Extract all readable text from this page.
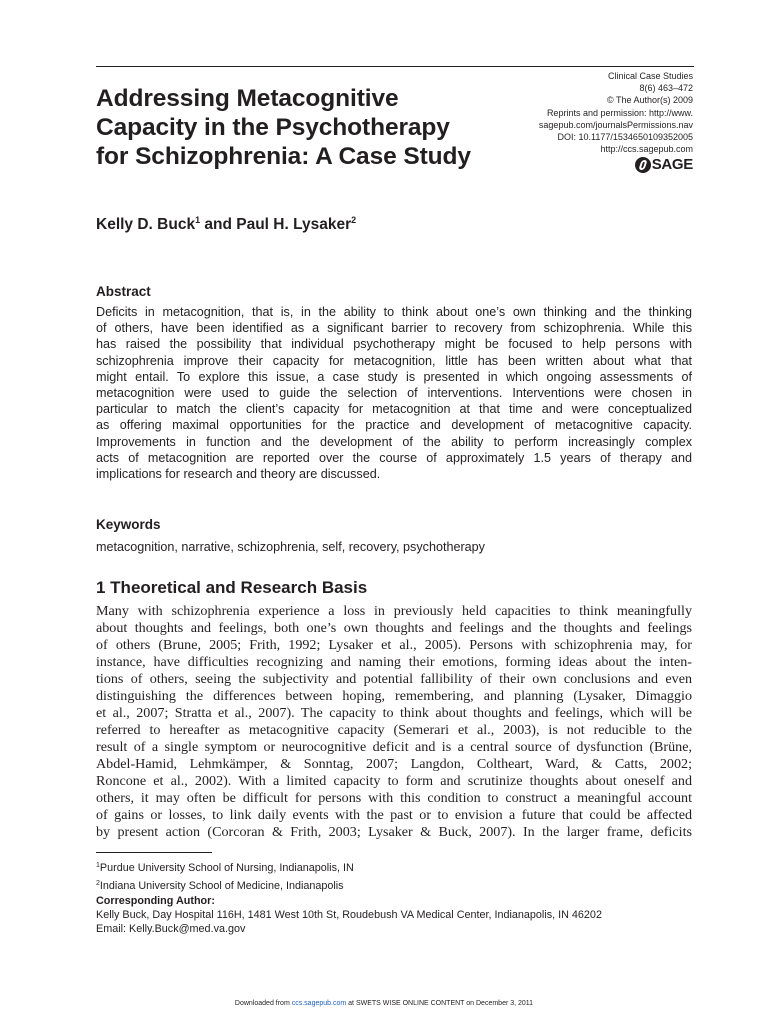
Addressing Metacognitive
Capacity in the Psychotherapy
for Schizophrenia: A Case Study
Clinical Case Studies
8(6) 463–472
© The Author(s) 2009
Reprints and permission: http://www.
sagepub.com/journalsPermissions.nav
DOI: 10.1177/1534650109352005
http://ccs.sagepub.com
SAGE
Kelly D. Buck$^1$ and Paul H. Lysaker$^2$
Abstract
Deficits in metacognition, that is, in the ability to think about one’s own thinking and the thinking
of others, have been identified as a significant barrier to recovery from schizophrenia. While this
has raised the possibility that individual psychotherapy might be focused to help persons with
schizophrenia improve their capacity for metacognition, little has been written about what that
might entail. To explore this issue, a case study is presented in which ongoing assessments of
metacognition were used to guide the selection of interventions. Interventions were chosen in
particular to match the client’s capacity for metacognition at that time and were conceptualized
as offering maximal opportunities for the practice and development of metacognitive capacity.
Improvements in function and the development of the ability to perform increasingly complex
acts of metacognition are reported over the course of approximately 1.5 years of therapy and
implications for research and theory are discussed.
Keywords
metacognition, narrative, schizophrenia, self, recovery, psychotherapy
1 Theoretical and Research Basis
Many with schizophrenia experience a loss in previously held capacities to think meaningfully
about thoughts and feelings, both one’s own thoughts and feelings and the thoughts and feelings
of others (Brune, 2005; Frith, 1992; Lysaker et al., 2005). Persons with schizophrenia may, for
instance, have difficulties recognizing and naming their emotions, forming ideas about the inten-
tions of others, seeing the subjectivity and potential fallibility of their own conclusions and even
distinguishing the differences between hoping, remembering, and planning (Lysaker, Dimaggio
et al., 2007; Stratta et al., 2007). The capacity to think about thoughts and feelings, which will be
referred to hereafter as metacognitive capacity (Semerari et al., 2003), is not reducible to the
result of a single symptom or neurocognitive deficit and is a central source of dysfunction (Brüne,
Abdel-Hamid, Lehmkämper, & Sonntag, 2007; Langdon, Coltheart, Ward, & Catts, 2002;
Roncone et al., 2002). With a limited capacity to form and scrutinize thoughts about oneself and
others, it may often be difficult for persons with this condition to construct a meaningful account
of gains or losses, to link daily events with the past or to envision a future that could be affected
by present action (Corcoran & Frith, 2003; Lysaker & Buck, 2007). In the larger frame, deficits
$^1$Purdue University School of Nursing, Indianapolis, IN
$^2$Indiana University School of Medicine, Indianapolis
Corresponding Author:
Kelly Buck, Day Hospital 116H, 1481 West 10th St, Roudebush VA Medical Center, Indianapolis, IN 46202
Email: Kelly.Buck@med.va.gov
Downloaded from ccs.sagepub.com at SWETS WISE ONLINE CONTENT on December 3, 2011
